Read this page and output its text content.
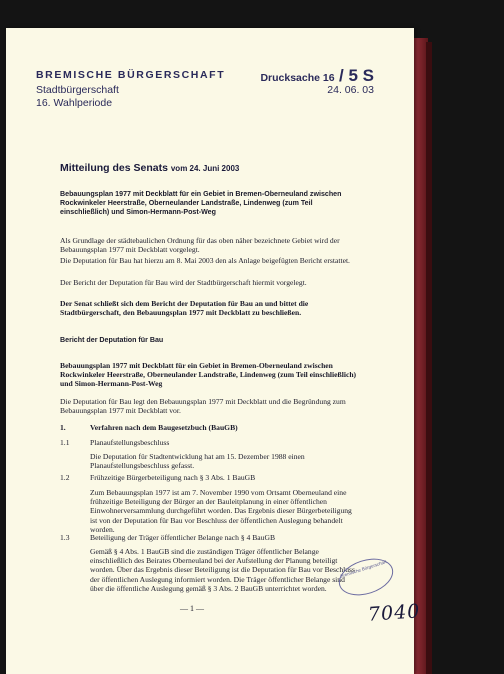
BREMISCHE BÜRGERSCHAFT
Stadtbürgerschaft
16. Wahlperiode
Drucksache 16 / 5 S
24. 06. 03
Mitteilung des Senats vom 24. Juni 2003
Bebauungsplan 1977 mit Deckblatt für ein Gebiet in Bremen-Oberneuland zwischen Rockwinkeler Heerstraße, Oberneulander Landstraße, Lindenweg (zum Teil einschließlich) und Simon-Hermann-Post-Weg
Als Grundlage der städtebaulichen Ordnung für das oben näher bezeichnete Gebiet wird der Bebauungsplan 1977 mit Deckblatt vorgelegt.
Die Deputation für Bau hat hierzu am 8. Mai 2003 den als Anlage beigefügten Bericht erstattet.
Der Bericht der Deputation für Bau wird der Stadtbürgerschaft hiermit vorgelegt.
Der Senat schließt sich dem Bericht der Deputation für Bau an und bittet die Stadtbürgerschaft, den Bebauungsplan 1977 mit Deckblatt zu beschließen.
Bericht der Deputation für Bau
Bebauungsplan 1977 mit Deckblatt für ein Gebiet in Bremen-Oberneuland zwischen Rockwinkeler Heerstraße, Oberneulander Landstraße, Lindenweg (zum Teil einschließlich) und Simon-Hermann-Post-Weg
Die Deputation für Bau legt den Bebauungsplan 1977 mit Deckblatt und die Begründung zum Bebauungsplan 1977 mit Deckblatt vor.
1.	Verfahren nach dem Baugesetzbuch (BauGB)
1.1	Planaufstellungsbeschluss
Die Deputation für Stadtentwicklung hat am 15. Dezember 1988 einen Planaufstellungsbeschluss gefasst.
1.2	Frühzeitige Bürgerbeteiligung nach § 3 Abs. 1 BauGB
Zum Bebauungsplan 1977 ist am 7. November 1990 vom Ortsamt Oberneuland eine frühzeitige Beteiligung der Bürger an der Bauleitplanung in einer öffentlichen Einwohnerversammlung durchgeführt worden. Das Ergebnis dieser Bürgerbeteiligung ist von der Deputation für Bau vor Beschluss der öffentlichen Auslegung behandelt worden.
1.3	Beteiligung der Träger öffentlicher Belange nach § 4 BauGB
Gemäß § 4 Abs. 1 BauGB sind die zuständigen Träger öffentlicher Belange einschließlich des Beirates Oberneuland bei der Aufstellung der Planung beteiligt worden. Über das Ergebnis dieser Beteiligung ist die Deputation für Bau vor Beschluss der öffentlichen Auslegung informiert worden. Die Träger öffentlicher Belange sind über die öffentliche Auslegung gemäß § 3 Abs. 2 BauGB unterrichtet worden.
— 1 —
Bremische Bürgerschaft
7040
